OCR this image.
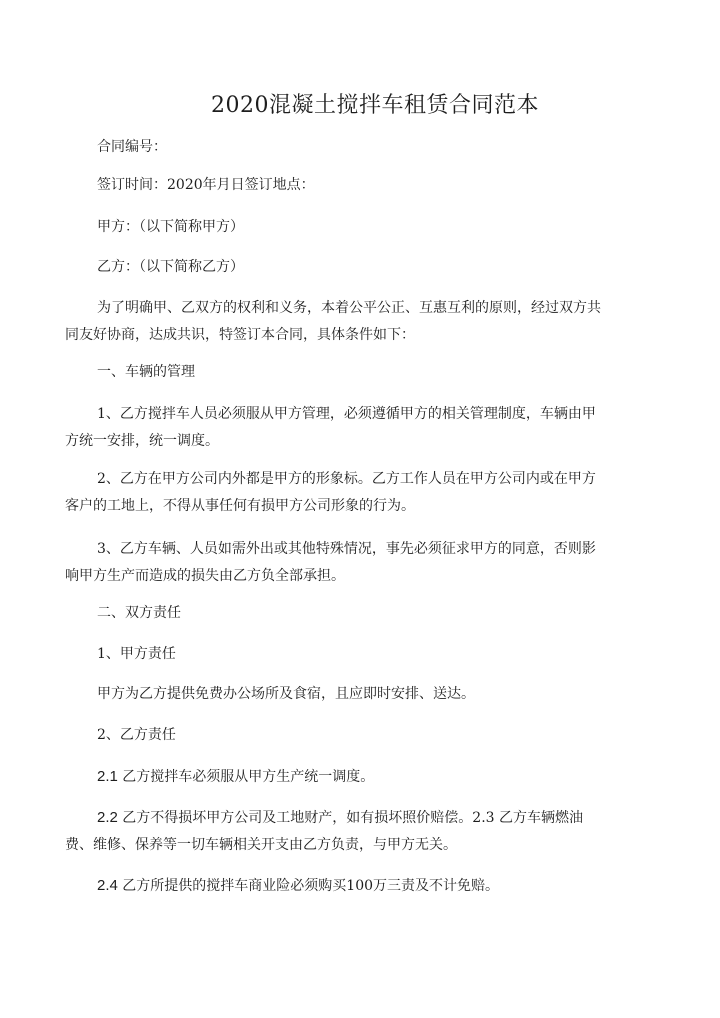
2020混凝土搅拌车租赁合同范本
合同编号：
签订时间：2020年月日签订地点：
甲方：（以下简称甲方）
乙方：（以下简称乙方）
为了明确甲、乙双方的权利和义务，本着公平公正、互惠互利的原则，经过双方共同友好协商，达成共识，特签订本合同，具体条件如下：
一、车辆的管理
1、乙方搅拌车人员必须服从甲方管理，必须遵循甲方的相关管理制度，车辆由甲方统一安排，统一调度。
2、乙方在甲方公司内外都是甲方的形象标。乙方工作人员在甲方公司内或在甲方客户的工地上，不得从事任何有损甲方公司形象的行为。
3、乙方车辆、人员如需外出或其他特殊情况，事先必须征求甲方的同意，否则影响甲方生产而造成的损失由乙方负全部承担。
二、双方责任
1、甲方责任
甲方为乙方提供免费办公场所及食宿，且应即时安排、送达。
2、乙方责任
2.1 乙方搅拌车必须服从甲方生产统一调度。
2.2 乙方不得损坏甲方公司及工地财产，如有损坏照价赔偿。2.3 乙方车辆燃油费、维修、保养等一切车辆相关开支由乙方负责，与甲方无关。
2.4 乙方所提供的搅拌车商业险必须购买100万三责及不计免赔。
